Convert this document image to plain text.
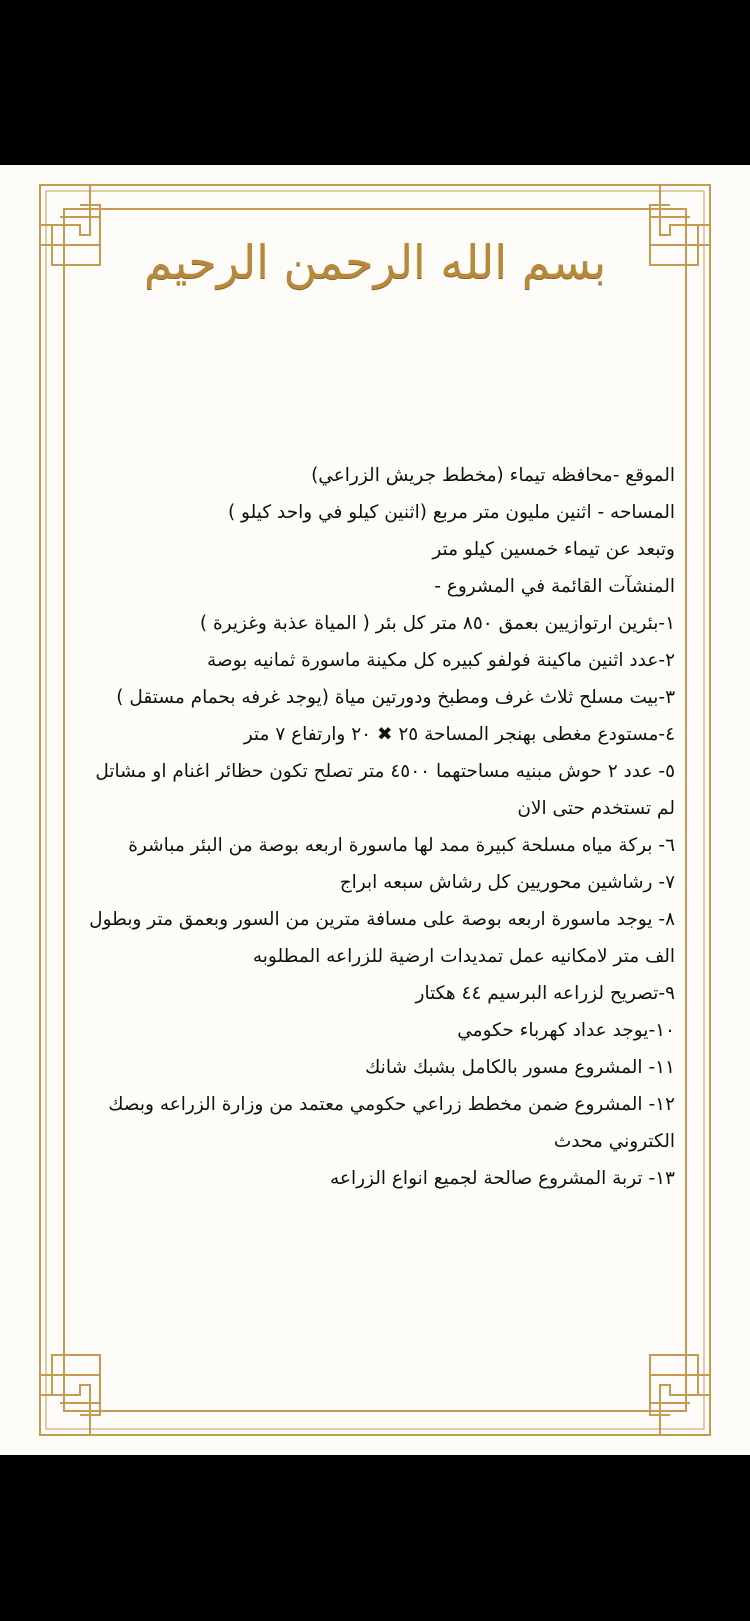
بسم الله الرحمن الرحيم
الموقع -محافظه تيماء (مخطط جريش الزراعي)
المساحه - اثنين مليون متر مربع (اثنين كيلو في واحد كيلو )
وتبعد عن تيماء خمسين كيلو متر
المنشآت القائمة في المشروع -
١-بئرين ارتوازيين بعمق ٨٥٠ متر كل بئر ( المياة عذبة وغزيرة )
٢-عدد اثنين ماكينة فولفو كبيره كل مكينة ماسورة ثمانيه بوصة
٣-بيت مسلح ثلاث غرف ومطبخ ودورتين مياة (يوجد غرفه بحمام مستقل )
٤-مستودع مغطى بهنجر المساحة ٢٥ ✖ ٢٠ وارتفاع ٧ متر
٥- عدد ٢ حوش مبنيه مساحتهما ٤٥٠٠ متر تصلح تكون حظائر اغنام او مشاتل
لم تستخدم حتى الان
٦- بركة مياه مسلحة كبيرة ممد لها ماسورة اربعه بوصة من البئر مباشرة
٧- رشاشين محوريين كل رشاش سبعه ابراج
٨- يوجد ماسورة اربعه بوصة على مسافة مترين من السور وبعمق متر وبطول
الف متر لامكانيه عمل تمديدات ارضية للزراعه المطلوبه
٩-تصريح لزراعه البرسيم ٤٤ هكتار
١٠-يوجد عداد كهرباء حكومي
١١- المشروع مسور بالكامل بشبك شانك
١٢- المشروع ضمن مخطط زراعي حكومي معتمد من وزارة الزراعه وبصك
الكتروني محدث
١٣- تربة المشروع صالحة لجميع انواع الزراعه
